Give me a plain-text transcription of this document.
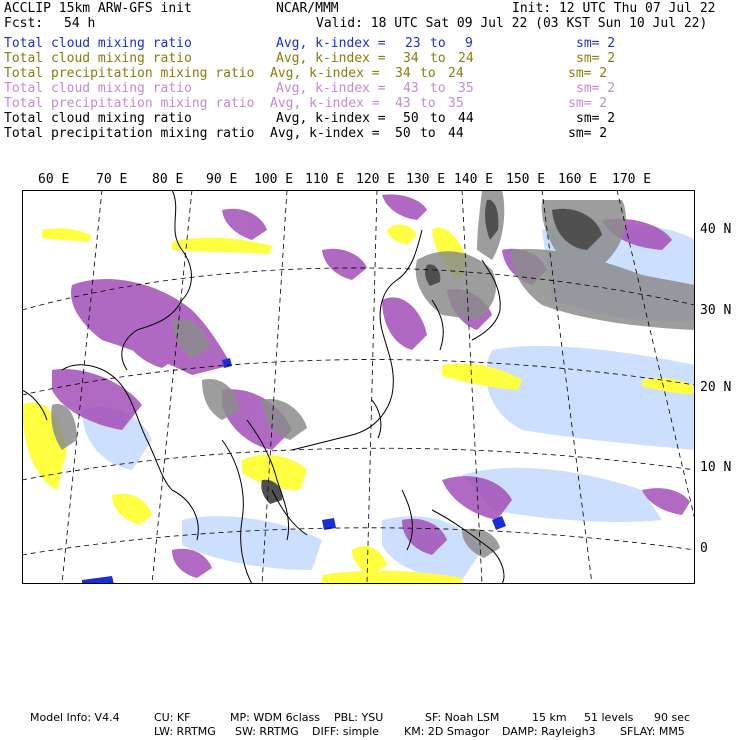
ACCLIP 15km ARW-GFS init	NCAR/MMM	Init: 12 UTC Thu 07 Jul 22
Fcst: 54 h	Valid: 18 UTC Sat 09 Jul 22 (03 KST Sun 10 Jul 22)
Total cloud mixing ratio	Avg, k-index = 23 to 9	sm= 2
Total cloud mixing ratio	Avg, k-index = 34 to 24	sm= 2
Total precipitation mixing ratio Avg, k-index = 34 to 24	sm= 2
Total cloud mixing ratio	Avg, k-index = 43 to 35	sm= 2
Total precipitation mixing ratio Avg, k-index = 43 to 35	sm= 2
Total cloud mixing ratio	Avg, k-index = 50 to 44	sm= 2
Total precipitation mixing ratio Avg, k-index = 50 to 44	sm= 2
60 E 70 E 80 E 90 E 100 E 110 E 120 E 130 E 140 E 150 E 160 E 170 E
40 N
30 N
20 N
10 N
0
Model Info: V4.4	CU: KF	MP: WDM 6class PBL: YSU	SF: Noah LSM	15 km 51 levels 90 sec
LW: RRTMG SW: RRTMG DIFF: simple KM: 2D Smagor DAMP: Rayleigh3 SFLAY: MM5
